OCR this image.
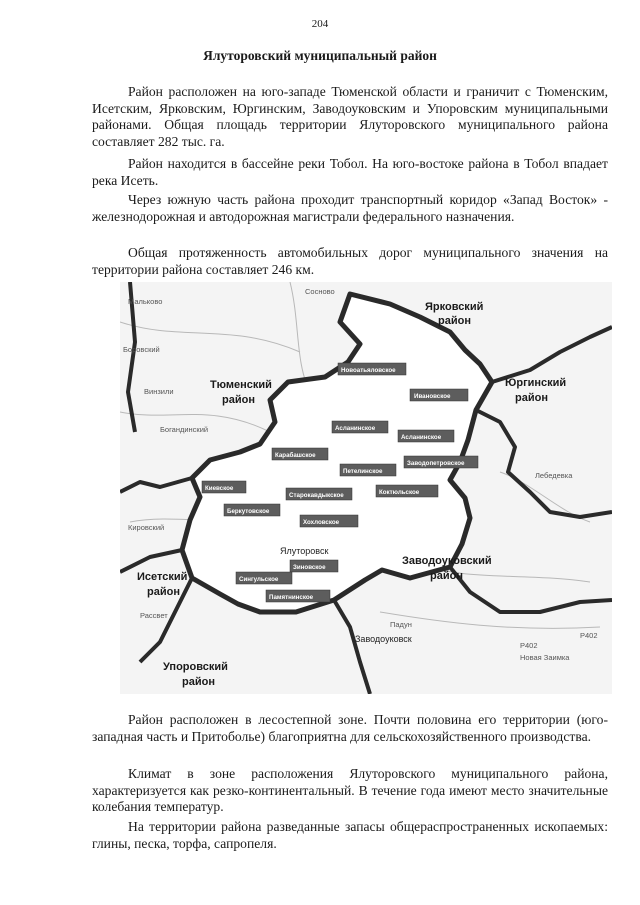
204
Ялуторовский муниципальный район

Район расположен на юго-западе Тюменской области и граничит с Тюменским, Исетским, Ярковским, Юргинским, Заводоуковским и Упоровским муниципальными районами. Общая площадь территории Ялуторовского муниципального района составляет 282 тыс. га.

Район находится в бассейне реки Тобол. На юго-востоке района в Тобол впадает река Исеть.

Через южную часть района проходит транспортный коридор «Запад Восток» - железнодорожная и автодорожная магистрали федерального назначения.

Общая протяженность автомобильных дорог муниципального значения на территории района составляет 246 км.

Ярковский
район
Тюменский
район
Юргинский
район
Исетский
район
Заводоуковский
район
Упоровский
район
Ялуторовск
Заводоуковск
Мальково
Боровский
Винзили
Богандинский
Кировский
Рассвет
Падун
Новая Заимка
Лебедевка
Сосново
Р402
Р402
Новоатьяловское
Ивановское
Асланинское
Асланинское
Карабашское
Заводопетровское
Петелинское
Киевское
Старокавдыкское	Коктюльское
Беркутовское
Хохловское
Зиновское
Сингульское
Памятнинское

Район расположен в лесостепной зоне. Почти половина его территории (юго-западная часть и Притоболье) благоприятна для сельскохозяйственного производства.

Климат в зоне расположения Ялуторовского муниципального района, характеризуется как резко-континентальный. В течение года имеют место значительные колебания температур.

На территории района разведанные запасы общераспространенных ископаемых: глины, песка, торфа, сапропеля.
